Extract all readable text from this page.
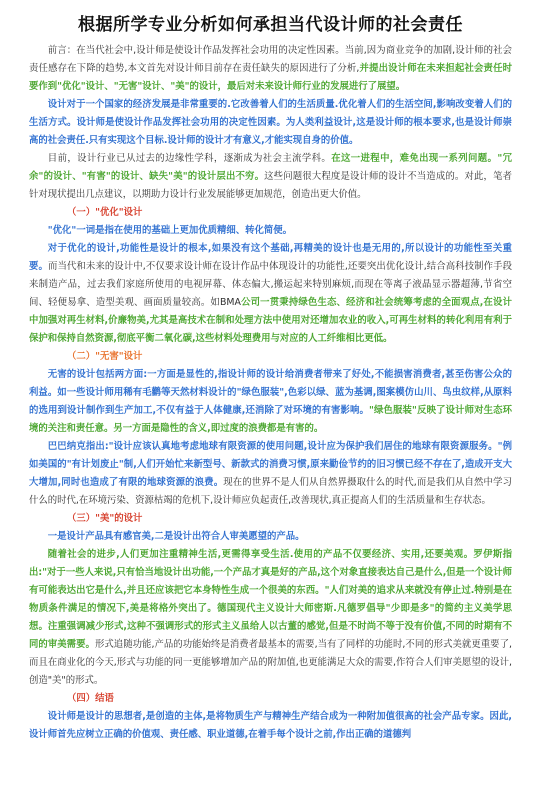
根据所学专业分析如何承担当代设计师的社会责任

前言：在当代社会中,设计师是使设计作品发挥社会功用的决定性因素。当前,因为商业竞争的加剧,设计师的社会责任感存在下降的趋势,本文首先对设计师目前存在责任缺失的原因进行了分析,并提出设计师在未来担起社会责任时要作到"优化"设计、"无害"设计、"美"的设计，最后对未来设计师行业的发展进行了展望。

设计对于一个国家的经济发展是非常重要的.它改善着人们的生活质量.优化着人们的生活空间,影响改变着人们的生活方式。设计师是使设计作品发挥社会功用的决定性因素。为人类利益设计,这是设计师的根本要求,也是设计师崇高的社会责任.只有实现这个目标.设计师的设计才有意义,才能实现自身的价值。

目前，设计行业已从过去的边缘性学科，逐渐成为社会主流学科。在这一进程中，难免出现一系列问题。"冗余"的设计、"有害"的设计、缺失"美"的设计层出不穷。这些问题很大程度是设计师的设计不当造成的。对此，笔者针对现状提出几点建议，以期助力设计行业发展能够更加规范，创造出更大价值。

（一）"优化"设计

"优化"一词是指在使用的基础上更加优质精细、转化简便。

对于优化的设计,功能性是设计的根本,如果没有这个基础,再精美的设计也是无用的,所以设计的功能性至关重要。而当代和未来的设计中,不仅要求设计师在设计作品中体现设计的功能性,还要突出优化设计,结合高科技制作手段来制造产品，过去我们家庭所使用的电视屏幕、体态偏大,搬运起来特别麻烦,而现在等离子液晶显示器超薄,节省空间、轻便易拿、造型美观、画面质量较高。如BMA公司一贯秉持绿色生态、经济和社会统筹考虑的全面观点,在设计中加强对再生材料,价廉物美,尤其是高技术在制和处理方法中使用对还增加农业的收入,可再生材料的转化利用有利于保护和保持自然资源,彻底平衡二氧化碳,这些材料处理费用与对应的人工纤维相比更低。

（二）"无害"设计

无害的设计包括两方面:一方面是显性的,指设计师的设计给消费者带来了好处,不能损害消费者,甚至伤害公众的利益。如一些设计师用稀有毛鹳等天然材料设计的"绿色服装",色彩以绿、蓝为基调,图案模仿山川、鸟虫纹样,从原料的选用到设计制作到生产加工,不仅有益于人体健康,还消除了对环境的有害影响。"绿色服装"反映了设计师对生态环境的关注和责任意。另一方面是隐性的含义,即过度的浪费都是有害的。

巴巴纳克指出:"设计应该认真地考虑地球有限资源的使用问题,设计应为保护我们居住的地球有限资源服务。"例如美国的"有计划废止"制,人们开始忙来新型号、新款式的消费习惯,原来勤俭节约的旧习惯已经不存在了,造成开支大大增加,同时也造成了有限的地球资源的浪费。现在的世界不是人们从自然界摄取什么的时代,而是我们从自然中学习什么的时代,在环境污染、资源枯竭的危机下,设计师应负起责任,改善现状,真正提高人们的生活质量和生存状态。

（三）"美"的设计

一是设计产品具有感官美,二是设计出符合人审美愿望的产品。

随着社会的进步,人们更加注重精神生活,更需得享受生活.使用的产品不仅要经济、实用,还要美观。罗伊斯指出:"对于一些人来说,只有恰当地设计出功能,一个产品才真是好的产品,这个对象直接表达自己是什么,但是一个设计师有可能表达出它是什么,并且还应该把它本身特性生成一个很美的东西。"人们对美的追求从来就没有停止过.特别是在物质条件满足的情况下,美是将格外突出了。德国现代主义设计大师密斯.凡德罗倡导"少即是多"的简约主义美学思想。注重强调减少形式,这种不强调形式的形式主义虽给人以古董的感觉,但是不时尚不等于没有价值,不同的时期有不同的审美需要。形式追随功能,产品的功能始终是消费者最基本的需要,当有了同样的功能时,不同的形式美就更重要了,而且在商业化的今天,形式与功能的同一更能够增加产品的附加值,也更能满足大众的需要,作符合人们审美愿望的设计,创造"美"的形式。

（四）结语

设计师是设计的思想者,是创造的主体,是将物质生产与精神生产结合成为一种附加值很高的社会产品专家。因此,设计师首先应树立正确的价值观、责任感、职业道德,在着手每个设计之前,作出正确的道德判
